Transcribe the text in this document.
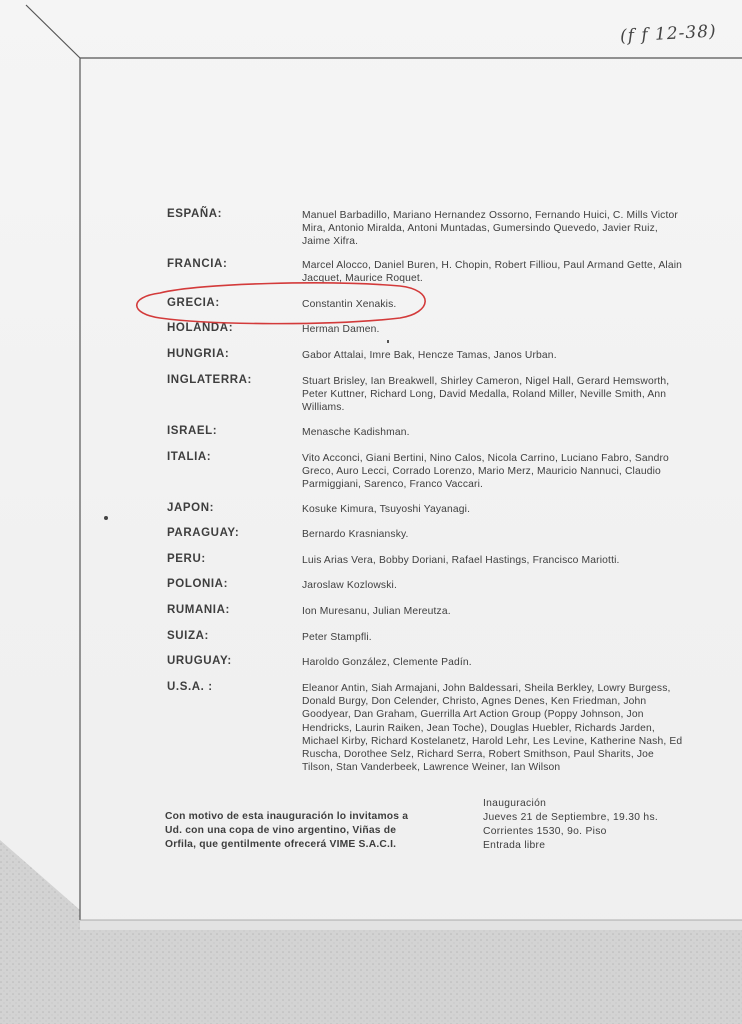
(f f 12-38)
ESPAÑA:	Manuel Barbadillo, Mariano Hernandez Ossorno, Fernando Huici, C. Mills Victor Mira, Antonio Miralda, Antoni Muntadas, Gumersindo Quevedo, Javier Ruiz, Jaime Xifra.
FRANCIA:	Marcel Alocco, Daniel Buren, H. Chopin, Robert Filliou, Paul Armand Gette, Alain Jacquet, Maurice Roquet.
GRECIA:	Constantin Xenakis.
HOLANDA:	Herman Damen.
HUNGRIA:	Gabor Attalai, Imre Bak, Hencze Tamas, Janos Urban.
INGLATERRA:	Stuart Brisley, Ian Breakwell, Shirley Cameron, Nigel Hall, Gerard Hemsworth, Peter Kuttner, Richard Long, David Medalla, Roland Miller, Neville Smith, Ann Williams.
ISRAEL:	Menasche Kadishman.
ITALIA:	Vito Acconci, Giani Bertini, Nino Calos, Nicola Carrino, Luciano Fabro, Sandro Greco, Auro Lecci, Corrado Lorenzo, Mario Merz, Mauricio Nannuci, Claudio Parmiggiani, Sarenco, Franco Vaccari.
JAPON:	Kosuke Kimura, Tsuyoshi Yayanagi.
PARAGUAY:	Bernardo Krasniansky.
PERU:	Luis Arias Vera, Bobby Doriani, Rafael Hastings, Francisco Mariotti.
POLONIA:	Jaroslaw Kozlowski.
RUMANIA:	Ion Muresanu, Julian Mereutza.
SUIZA:	Peter Stampfli.
URUGUAY:	Haroldo González, Clemente Padín.
U.S.A. :	Eleanor Antin, Siah Armajani, John Baldessari, Sheila Berkley, Lowry Burgess, Donald Burgy, Don Celender, Christo, Agnes Denes, Ken Friedman, John Goodyear, Dan Graham, Guerrilla Art Action Group (Poppy Johnson, Jon Hendricks, Laurin Raiken, Jean Toche), Douglas Huebler, Richards Jarden, Michael Kirby, Richard Kostelanetz, Harold Lehr, Les Levine, Katherine Nash, Ed Ruscha, Dorothee Selz, Richard Serra, Robert Smithson, Paul Sharits, Joe Tilson, Stan Vanderbeek, Lawrence Weiner, Ian Wilson
Con motivo de esta inauguración lo invitamos a Ud. con una copa de vino argentino, Viñas de Orfila, que gentilmente ofrecerá VIME S.A.C.I.
Inauguración
Jueves 21 de Septiembre, 19.30 hs.
Corrientes 1530, 9o. Piso
Entrada libre
